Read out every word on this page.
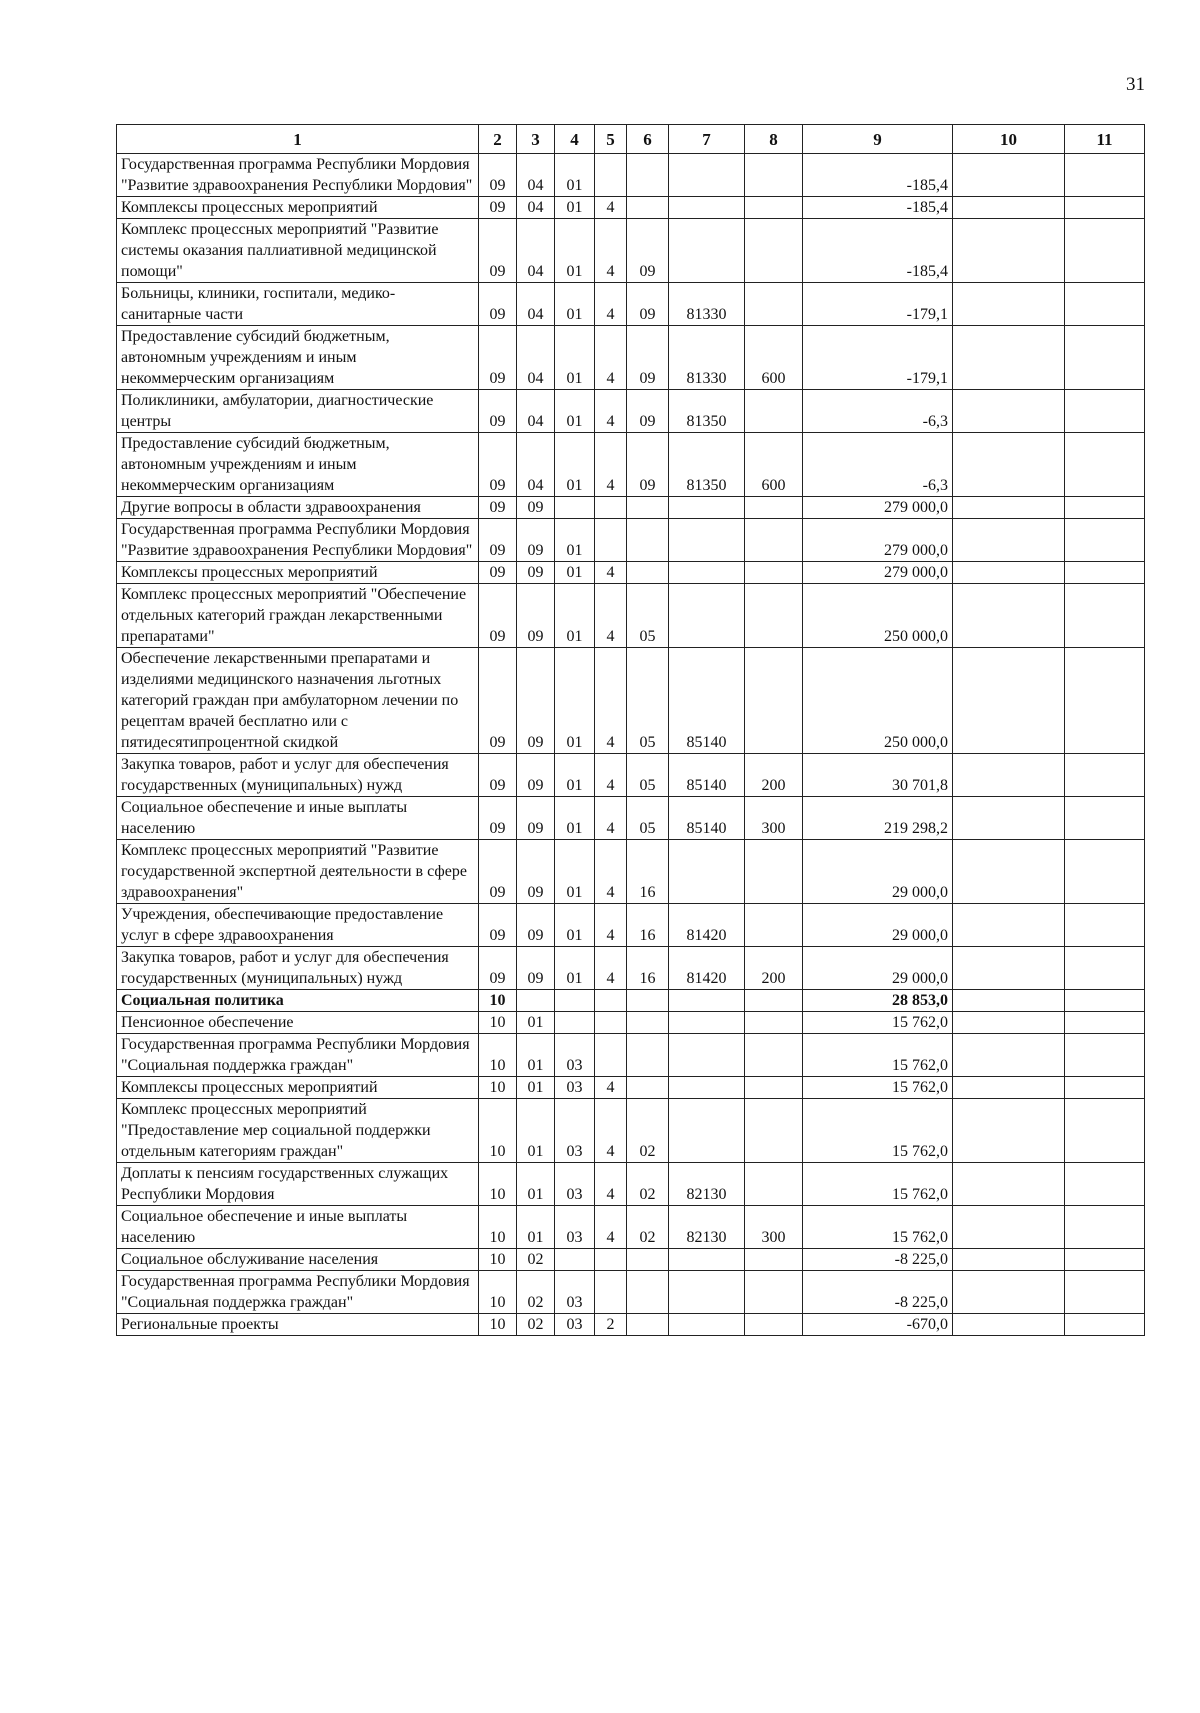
31
1	2	3	4	5	6	7	8	9	10	11
Государственная программа Республики Мордовия "Развитие здравоохранения Республики Мордовия"	09	04	01					-185,4		
Комплексы процессных мероприятий	09	04	01	4				-185,4		
Комплекс процессных мероприятий "Развитие системы оказания паллиативной медицинской помощи"	09	04	01	4	09			-185,4		
Больницы, клиники, госпитали, медико-санитарные части	09	04	01	4	09	81330		-179,1		
Предоставление субсидий бюджетным, автономным учреждениям и иным некоммерческим организациям	09	04	01	4	09	81330	600	-179,1		
Поликлиники, амбулатории, диагностические центры	09	04	01	4	09	81350		-6,3		
Предоставление субсидий бюджетным, автономным учреждениям и иным некоммерческим организациям	09	04	01	4	09	81350	600	-6,3		
Другие вопросы в области здравоохранения	09	09						279 000,0		
Государственная программа Республики Мордовия "Развитие здравоохранения Республики Мордовия"	09	09	01					279 000,0		
Комплексы процессных мероприятий	09	09	01	4				279 000,0		
Комплекс процессных мероприятий "Обеспечение отдельных категорий граждан лекарственными препаратами"	09	09	01	4	05			250 000,0		
Обеспечение лекарственными препаратами и изделиями медицинского назначения льготных категорий граждан при амбулаторном лечении по рецептам врачей бесплатно или с пятидесятипроцентной скидкой	09	09	01	4	05	85140		250 000,0		
Закупка товаров, работ и услуг для обеспечения государственных (муниципальных) нужд	09	09	01	4	05	85140	200	30 701,8		
Социальное обеспечение и иные выплаты населению	09	09	01	4	05	85140	300	219 298,2		
Комплекс процессных мероприятий "Развитие государственной экспертной деятельности в сфере здравоохранения"	09	09	01	4	16			29 000,0		
Учреждения, обеспечивающие предоставление услуг в сфере здравоохранения	09	09	01	4	16	81420		29 000,0		
Закупка товаров, работ и услуг для обеспечения государственных (муниципальных) нужд	09	09	01	4	16	81420	200	29 000,0		
Социальная политика	10							28 853,0		
Пенсионное обеспечение	10	01						15 762,0		
Государственная программа Республики Мордовия "Социальная поддержка граждан"	10	01	03					15 762,0		
Комплексы процессных мероприятий	10	01	03	4				15 762,0		
Комплекс процессных мероприятий "Предоставление мер социальной поддержки отдельным категориям граждан"	10	01	03	4	02			15 762,0		
Доплаты к пенсиям государственных служащих Республики Мордовия	10	01	03	4	02	82130		15 762,0		
Социальное обеспечение и иные выплаты населению	10	01	03	4	02	82130	300	15 762,0		
Социальное обслуживание населения	10	02						-8 225,0		
Государственная программа Республики Мордовия "Социальная поддержка граждан"	10	02	03					-8 225,0		
Региональные проекты	10	02	03	2				-670,0		
